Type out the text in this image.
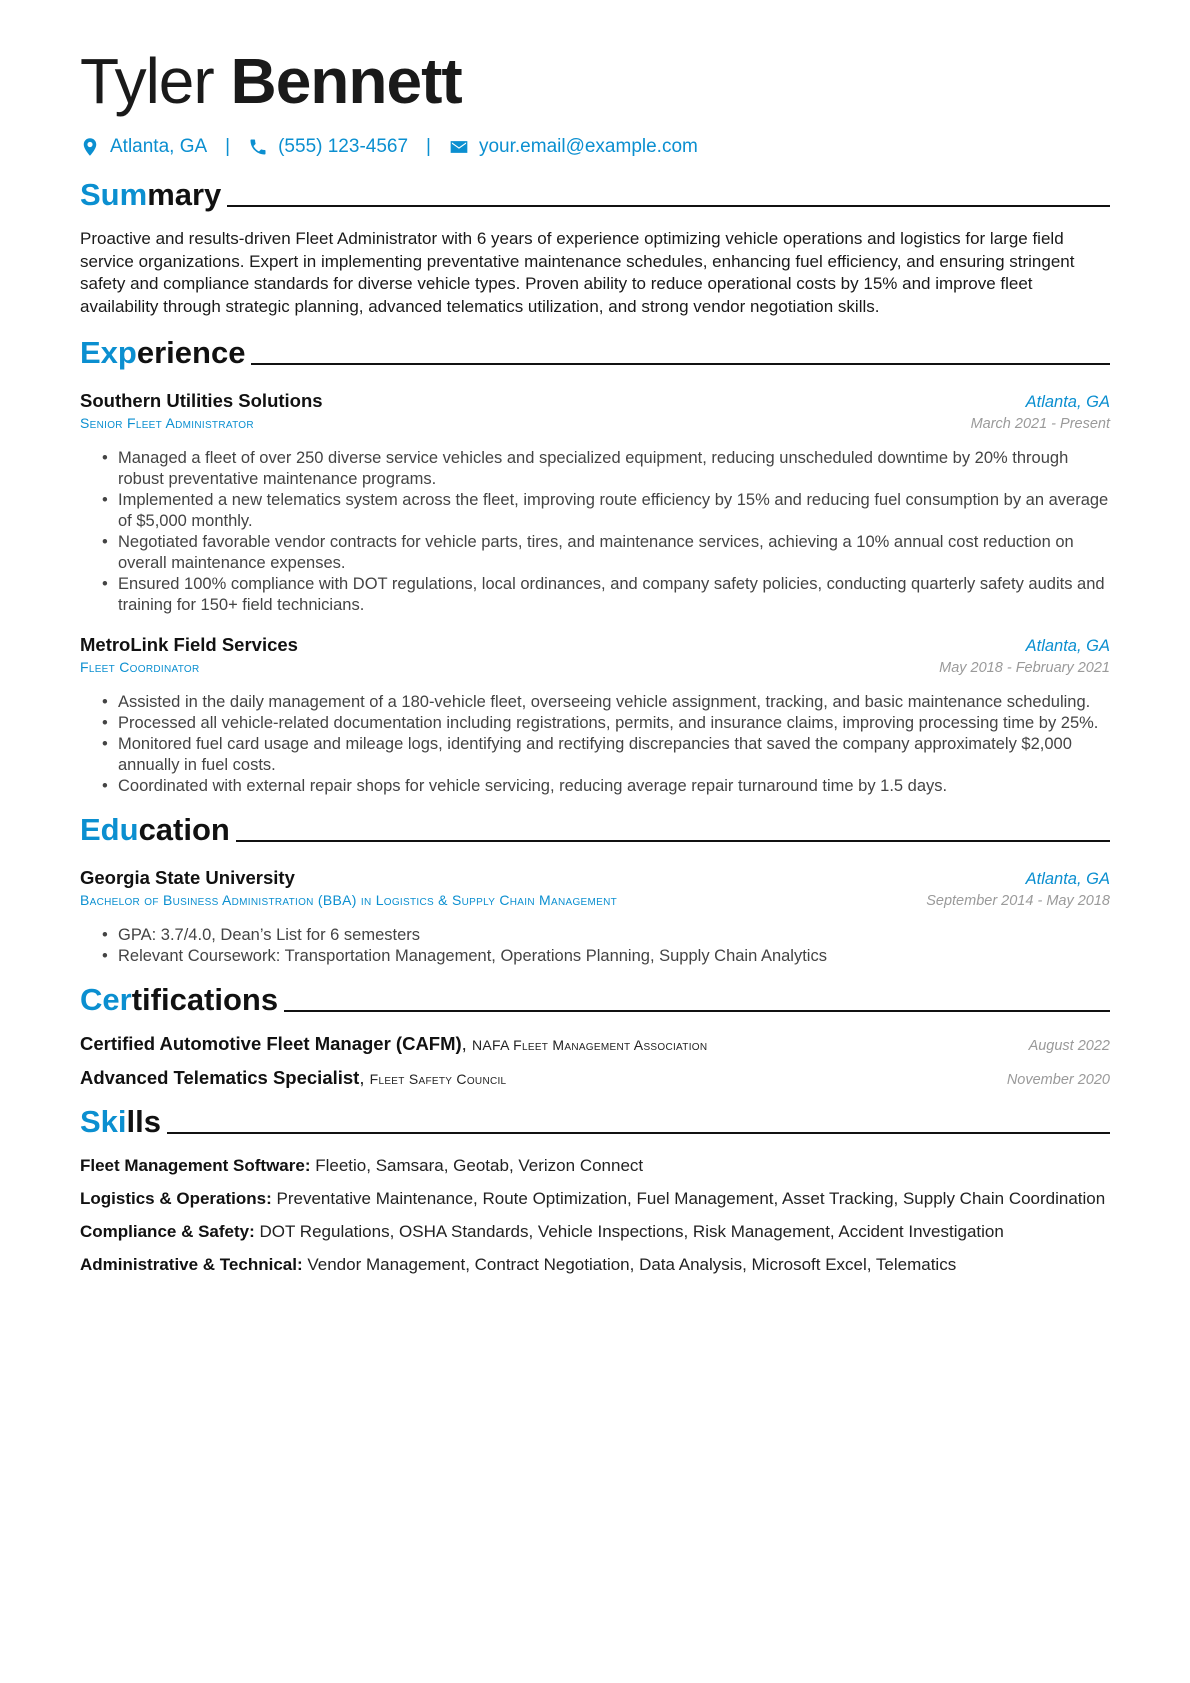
Tyler Bennett
Atlanta, GA |	(555) 123-4567 |	your.email@example.com
Summary

Proactive and results-driven Fleet Administrator with 6 years of experience optimizing vehicle operations and logistics for large field service organizations. Expert in implementing preventative maintenance schedules, enhancing fuel efficiency, and ensuring stringent safety and compliance standards for diverse vehicle types. Proven ability to reduce operational costs by 15% and improve fleet availability through strategic planning, advanced telematics utilization, and strong vendor negotiation skills.

Experience
Southern Utilities Solutions	Atlanta, GA
Senior Fleet Administrator	March 2021 - Present
• Managed a fleet of over 250 diverse service vehicles and specialized equipment, reducing unscheduled downtime by 20% through robust preventative maintenance programs.
• Implemented a new telematics system across the fleet, improving route efficiency by 15% and reducing fuel consumption by an average of $5,000 monthly.
• Negotiated favorable vendor contracts for vehicle parts, tires, and maintenance services, achieving a 10% annual cost reduction on overall maintenance expenses.
• Ensured 100% compliance with DOT regulations, local ordinances, and company safety policies, conducting quarterly safety audits and training for 150+ field technicians.
MetroLink Field Services	Atlanta, GA
Fleet Coordinator	May 2018 - February 2021
• Assisted in the daily management of a 180-vehicle fleet, overseeing vehicle assignment, tracking, and basic maintenance scheduling.
• Processed all vehicle-related documentation including registrations, permits, and insurance claims, improving processing time by 25%.
• Monitored fuel card usage and mileage logs, identifying and rectifying discrepancies that saved the company approximately $2,000 annually in fuel costs.
• Coordinated with external repair shops for vehicle servicing, reducing average repair turnaround time by 1.5 days.
Education
Georgia State University	Atlanta, GA
Bachelor of Business Administration (BBA) in Logistics & Supply Chain Management	September 2014 - May 2018
• GPA: 3.7/4.0, Dean’s List for 6 semesters
• Relevant Coursework: Transportation Management, Operations Planning, Supply Chain Analytics
Certifications
Certified Automotive Fleet Manager (CAFM), NAFA Fleet Management Association	August 2022
Advanced Telematics Specialist, Fleet Safety Council	November 2020
Skills
Fleet Management Software: Fleetio, Samsara, Geotab, Verizon Connect
Logistics & Operations: Preventative Maintenance, Route Optimization, Fuel Management, Asset Tracking, Supply Chain Coordination
Compliance & Safety: DOT Regulations, OSHA Standards, Vehicle Inspections, Risk Management, Accident Investigation
Administrative & Technical: Vendor Management, Contract Negotiation, Data Analysis, Microsoft Excel, Telematics
